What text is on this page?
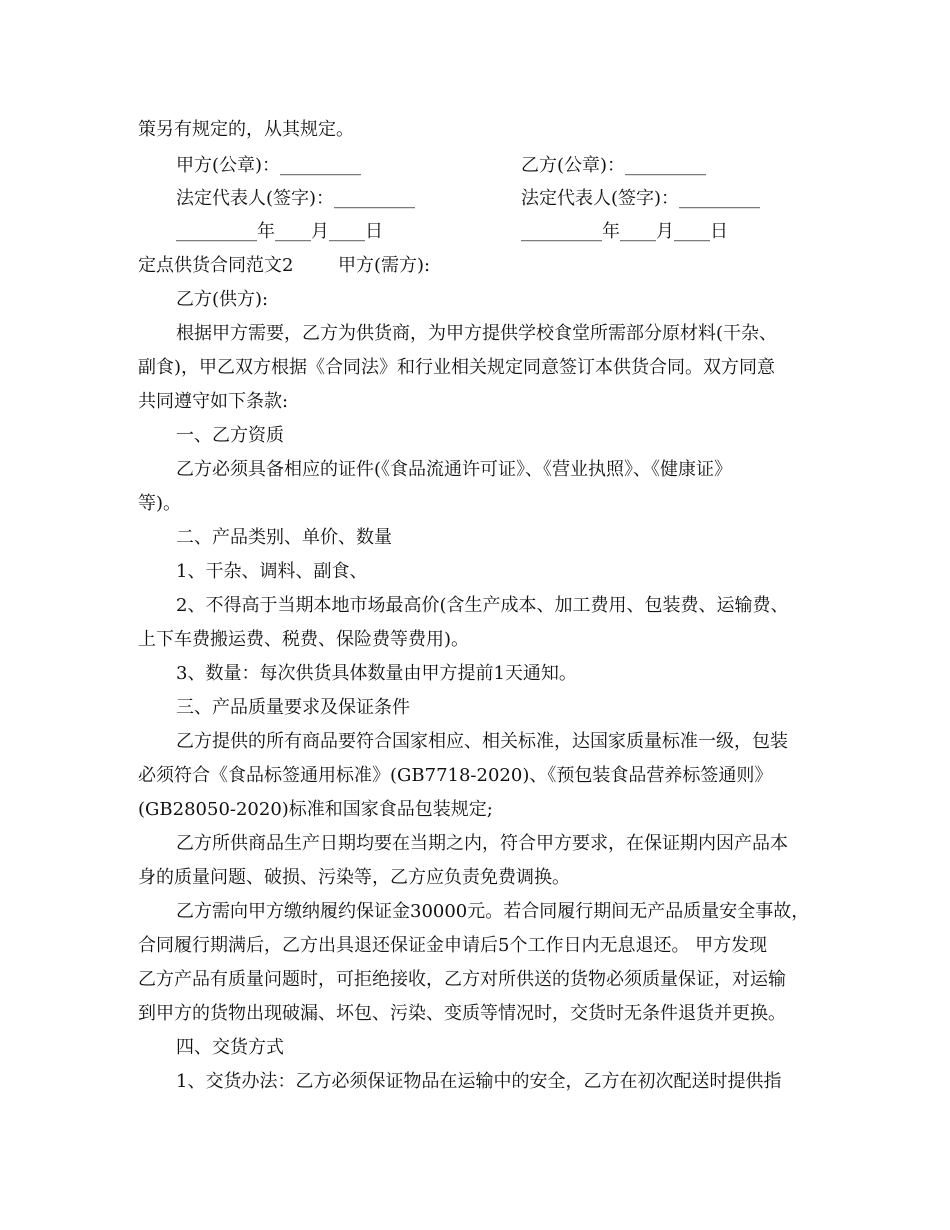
策另有规定的，从其规定。
甲方(公章)：_________	乙方(公章)：_________
法定代表人(签字)：_________	法定代表人(签字)：_________
_________年____月____日	_________年____月____日
定点供货合同范文2 甲方(需方):
乙方(供方):
根据甲方需要，乙方为供货商，为甲方提供学校食堂所需部分原材料(干杂、
副食)，甲乙双方根据《合同法》和行业相关规定同意签订本供货合同。双方同意
共同遵守如下条款:
一、乙方资质
乙方必须具备相应的证件(《食品流通许可证》、《营业执照》、《健康证》
等)。
二、产品类别、单价、数量
1、干杂、调料、副食、
2、不得高于当期本地市场最高价(含生产成本、加工费用、包装费、运输费、
上下车费搬运费、税费、保险费等费用)。
3、数量：每次供货具体数量由甲方提前1天通知。
三、产品质量要求及保证条件
乙方提供的所有商品要符合国家相应、相关标准，达国家质量标准一级，包装
必须符合《食品标签通用标准》(GB7718-2020)、《预包装食品营养标签通则》
(GB28050-2020)标准和国家食品包装规定;
乙方所供商品生产日期均要在当期之内，符合甲方要求，在保证期内因产品本
身的质量问题、破损、污染等，乙方应负责免费调换。
乙方需向甲方缴纳履约保证金30000元。若合同履行期间无产品质量安全事故，
合同履行期满后，乙方出具退还保证金申请后5个工作日内无息退还。 甲方发现
乙方产品有质量问题时，可拒绝接收，乙方对所供送的货物必须质量保证，对运输
到甲方的货物出现破漏、坏包、污染、变质等情况时，交货时无条件退货并更换。
四、交货方式
1、交货办法：乙方必须保证物品在运输中的安全，乙方在初次配送时提供指
